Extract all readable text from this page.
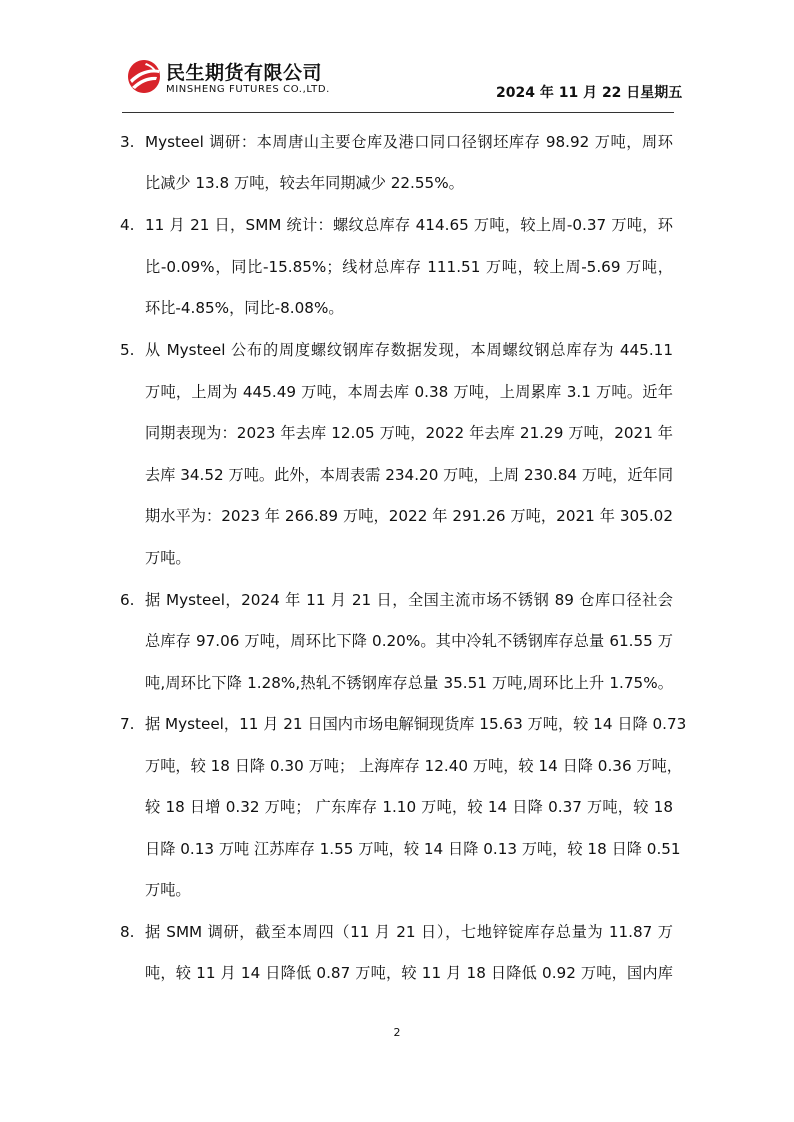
民生期货有限公司
MINSHENG FUTURES CO.,LTD.	2024 年 11 月 22 日星期五
3. Mysteel 调研：本周唐山主要仓库及港口同口径钢坯库存 98.92 万吨，周环
比减少 13.8 万吨，较去年同期减少 22.55%。
4. 11 月 21 日，SMM 统计：螺纹总库存 414.65 万吨，较上周-0.37 万吨，环
比-0.09%，同比-15.85%；线材总库存 111.51 万吨，较上周-5.69 万吨，
环比-4.85%，同比-8.08%。
5. 从 Mysteel 公布的周度螺纹钢库存数据发现，本周螺纹钢总库存为 445.11
万吨，上周为 445.49 万吨，本周去库 0.38 万吨，上周累库 3.1 万吨。近年
同期表现为：2023 年去库 12.05 万吨，2022 年去库 21.29 万吨，2021 年
去库 34.52 万吨。此外，本周表需 234.20 万吨，上周 230.84 万吨，近年同
期水平为：2023 年 266.89 万吨，2022 年 291.26 万吨，2021 年 305.02
万吨。
6. 据 Mysteel，2024 年 11 月 21 日，全国主流市场不锈钢 89 仓库口径社会
总库存 97.06 万吨，周环比下降 0.20%。其中冷轧不锈钢库存总量 61.55 万
吨,周环比下降 1.28%,热轧不锈钢库存总量 35.51 万吨,周环比上升 1.75%。
7. 据 Mysteel，11 月 21 日国内市场电解铜现货库 15.63 万吨，较 14 日降 0.73
万吨，较 18 日降 0.30 万吨； 上海库存 12.40 万吨，较 14 日降 0.36 万吨，
较 18 日增 0.32 万吨； 广东库存 1.10 万吨，较 14 日降 0.37 万吨，较 18
日降 0.13 万吨 江苏库存 1.55 万吨，较 14 日降 0.13 万吨，较 18 日降 0.51
万吨。
8. 据 SMM 调研，截至本周四（11 月 21 日），七地锌锭库存总量为 11.87 万
吨，较 11 月 14 日降低 0.87 万吨，较 11 月 18 日降低 0.92 万吨，国内库
2
